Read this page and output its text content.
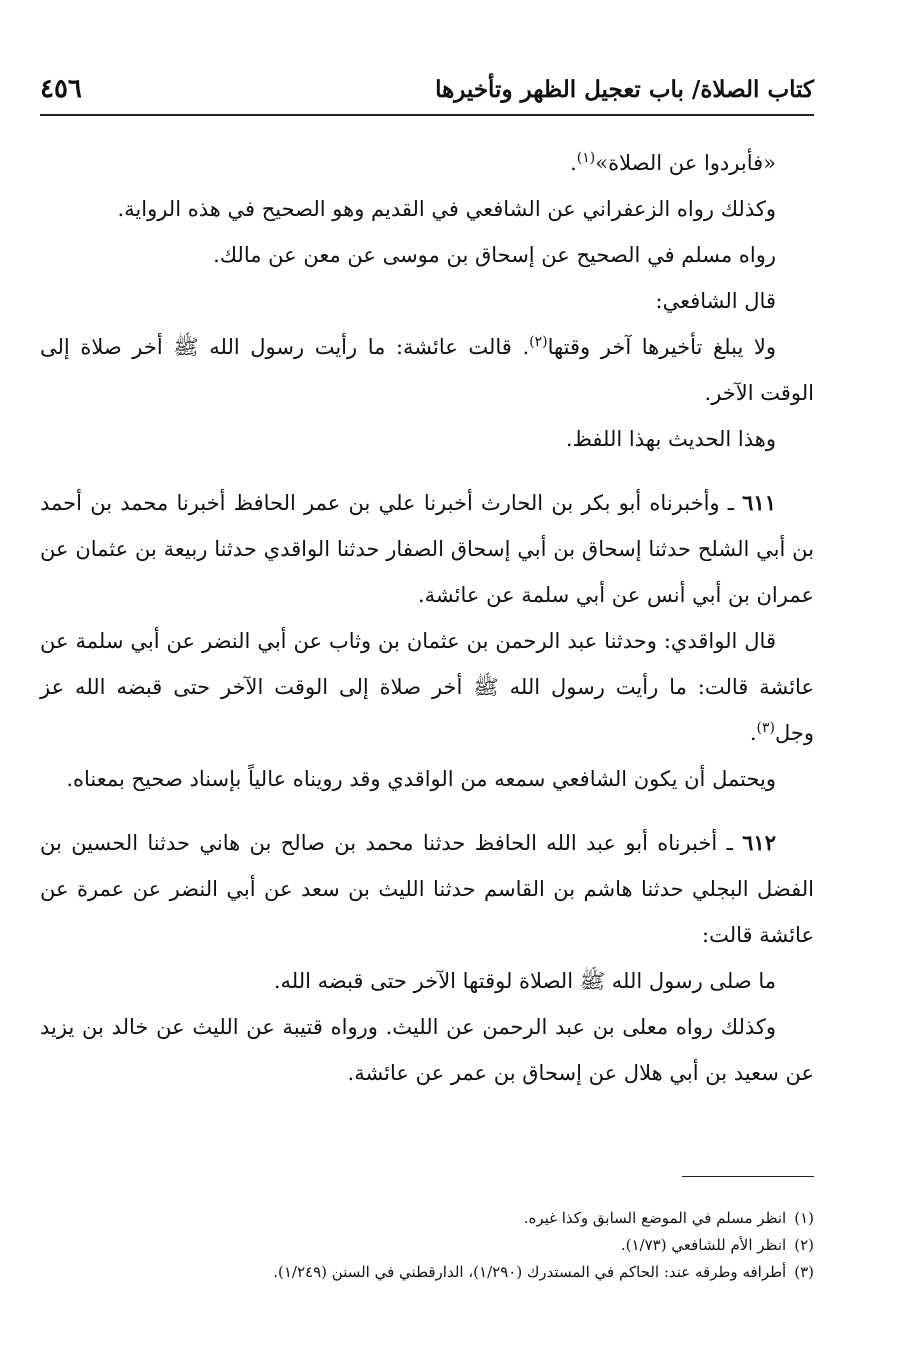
كتاب الصلاة/ باب تعجيل الظهر وتأخيرها
٤٥٦

«فأبردوا عن الصلاة»$^{(١)}$.

وكذلك رواه الزعفراني عن الشافعي في القديم وهو الصحيح في هذه الرواية.

رواه مسلم في الصحيح عن إسحاق بن موسى عن معن عن مالك.

قال الشافعي:

ولا يبلغ تأخيرها آخر وقتها$^{(٢)}$. قالت عائشة: ما رأيت رسول الله ﷺ أخر صلاة إلى الوقت الآخر.

وهذا الحديث بهذا اللفظ.

٦١١ ـ وأخبرناه أبو بكر بن الحارث أخبرنا علي بن عمر الحافظ أخبرنا محمد بن أحمد بن أبي الشلح حدثنا إسحاق بن أبي إسحاق الصفار حدثنا الواقدي حدثنا ربيعة بن عثمان عن عمران بن أبي أنس عن أبي سلمة عن عائشة.

قال الواقدي: وحدثنا عبد الرحمن بن عثمان بن وثاب عن أبي النضر عن أبي سلمة عن عائشة قالت: ما رأيت رسول الله ﷺ أخر صلاة إلى الوقت الآخر حتى قبضه الله عز وجل$^{(٣)}$.

ويحتمل أن يكون الشافعي سمعه من الواقدي وقد رويناه عالياً بإسناد صحيح بمعناه.

٦١٢ ـ أخبرناه أبو عبد الله الحافظ حدثنا محمد بن صالح بن هاني حدثنا الحسين بن الفضل البجلي حدثنا هاشم بن القاسم حدثنا الليث بن سعد عن أبي النضر عن عمرة عن عائشة قالت:

ما صلى رسول الله ﷺ الصلاة لوقتها الآخر حتى قبضه الله.

وكذلك رواه معلى بن عبد الرحمن عن الليث. ورواه قتيبة عن الليث عن خالد بن يزيد عن سعيد بن أبي هلال عن إسحاق بن عمر عن عائشة.

(١)انظر مسلم في الموضع السابق وكذا غيره.

(٢)انظر الأم للشافعي (١/٧٣).

(٣)أطرافه وطرقه عند: الحاكم في المستدرك (١/٢٩٠)، الدارقطني في السنن (١/٢٤٩).
